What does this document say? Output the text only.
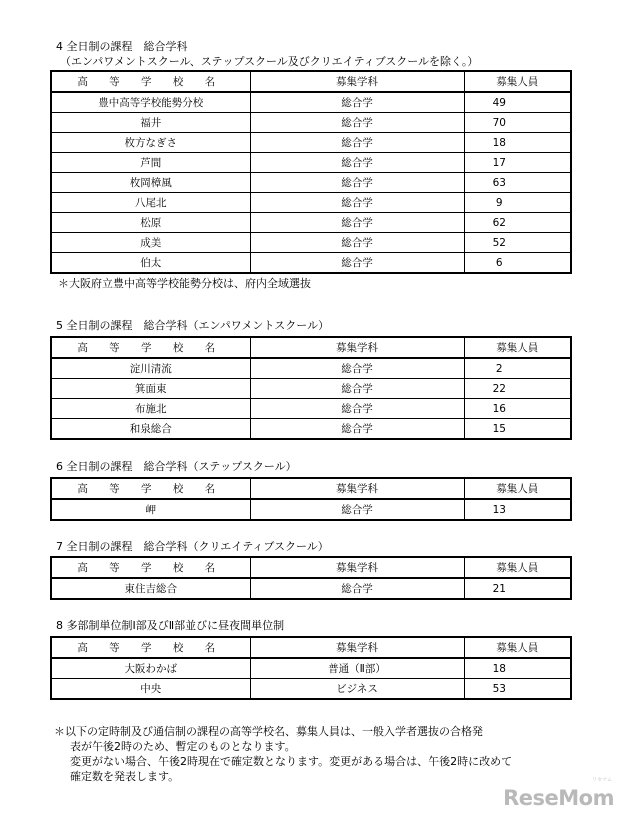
4 全日制の課程　総合学科
（エンパワメントスクール、ステップスクール及びクリエイティブスクールを除く。）
高 等 学 校 名	募集学科	募集人員
豊中高等学校能勢分校	総合学	49
福井	総合学	70
枚方なぎさ	総合学	18
芦間	総合学	17
枚岡樟風	総合学	63
八尾北	総合学	9
松原	総合学	62
成美	総合学	52
伯太	総合学	6
＊大阪府立豊中高等学校能勢分校は、府内全域選抜
5 全日制の課程　総合学科（エンパワメントスクール）
高 等 学 校 名	募集学科	募集人員
淀川清流	総合学	2
箕面東	総合学	22
布施北	総合学	16
和泉総合	総合学	15
6 全日制の課程　総合学科（ステップスクール）
高 等 学 校 名	募集学科	募集人員
岬	総合学	13
7 全日制の課程　総合学科（クリエイティブスクール）
高 等 学 校 名	募集学科	募集人員
東住吉総合	総合学	21
8 多部制単位制Ⅰ部及びⅡ部並びに昼夜間単位制
高 等 学 校 名	募集学科	募集人員
大阪わかば	普通（Ⅱ部）	18
中央	ビジネス	53
＊以下の定時制及び通信制の課程の高等学校名、募集人員は、一般入学者選抜の合格発
表が午後2時のため、暫定のものとなります。
変更がない場合、午後2時現在で確定数となります。変更がある場合は、午後2時に改めて
確定数を発表します。	リセマム
ReseMom
